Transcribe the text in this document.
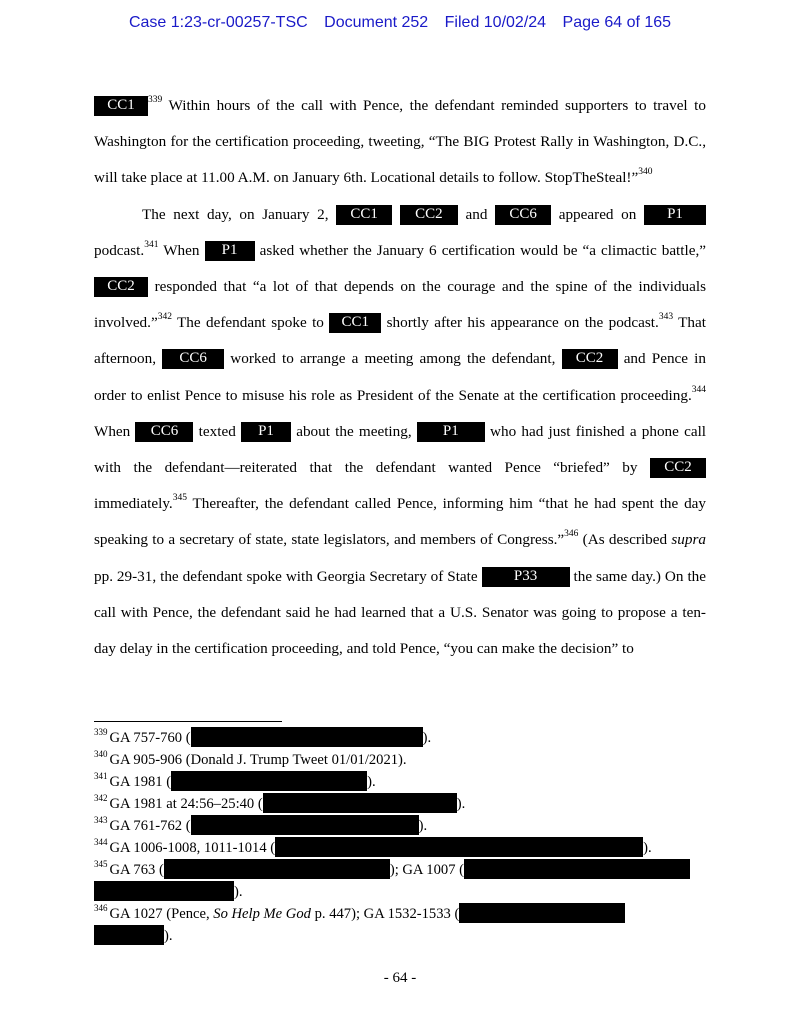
Case 1:23-cr-00257-TSC Document 252 Filed 10/02/24 Page 64 of 165

CC1 $^{339}$ Within hours of the call with Pence, the defendant reminded supporters to travel to Washington for the certification proceeding, tweeting, “The BIG Protest Rally in Washington, D.C., will take place at 11.00 A.M. on January 6th. Locational details to follow. StopTheSteal!”$^{340}$

The next day, on January 2, CC1 CC2 and CC6 appeared on P1 podcast.$^{341}$ When P1 asked whether the January 6 certification would be “a climactic battle,” CC2 responded that “a lot of that depends on the courage and the spine of the individuals involved.”$^{342}$ The defendant spoke to CC1 shortly after his appearance on the podcast.$^{343}$ That afternoon, CC6 worked to arrange a meeting among the defendant, CC2 and Pence in order to enlist Pence to misuse his role as President of the Senate at the certification proceeding.$^{344}$ When CC6 texted P1 about the meeting, P1 who had just finished a phone call with the defendant—reiterated that the defendant wanted Pence “briefed” by CC2 immediately.$^{345}$ Thereafter, the defendant called Pence, informing him “that he had spent the day speaking to a secretary of state, state legislators, and members of Congress.”$^{346}$ (As described supra pp. 29-31, the defendant spoke with Georgia Secretary of State P33 the same day.) On the call with Pence, the defendant said he had learned that a U.S. Senator was going to propose a ten-day delay in the certification proceeding, and told Pence, “you can make the decision” to

$^{339}$ GA 757-760 (	).

$^{340}$ GA 905-906 (Donald J. Trump Tweet 01/01/2021).

$^{341}$ GA 1981 (	).

$^{342}$ GA 1981 at 24:56–25:40 (	).

$^{343}$ GA 761-762 (	).

$^{344}$ GA 1006-1008, 1011-1014 (	).

$^{345}$ GA 763 (	); GA 1007 (
).

$^{346}$ GA 1027 (Pence, So Help Me God p. 447); GA 1532-1533 (
).

- 64 -
